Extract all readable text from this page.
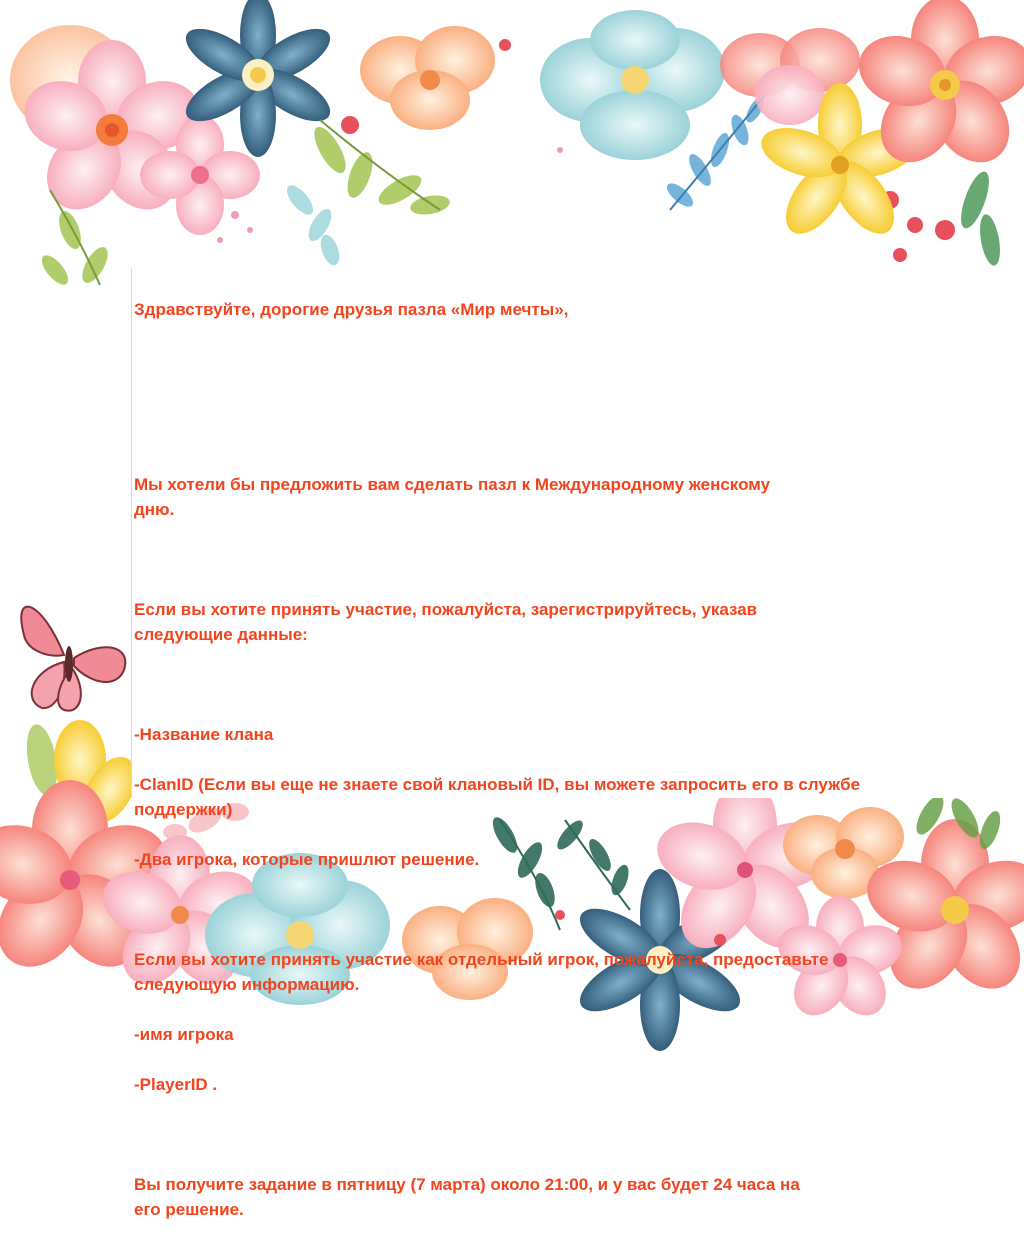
Здравствуйте, дорогие друзья пазла «Мир мечты»,

Мы хотели бы предложить вам сделать пазл к Международному женскому
дню.

Если вы хотите принять участие, пожалуйста, зарегистрируйтесь, указав
следующие данные:

-Название клана

-ClanID (Если вы еще не знаете свой клановый ID, вы можете запросить его в службе
поддержки)

-Два игрока, которые пришлют решение.

Если вы хотите принять участие как отдельный игрок, пожалуйста, предоставьте
следующую информацию.

-имя игрока

-PlayerID .

Вы получите задание в пятницу (7 марта) около 21:00, и у вас будет 24 часа на
его решение.
